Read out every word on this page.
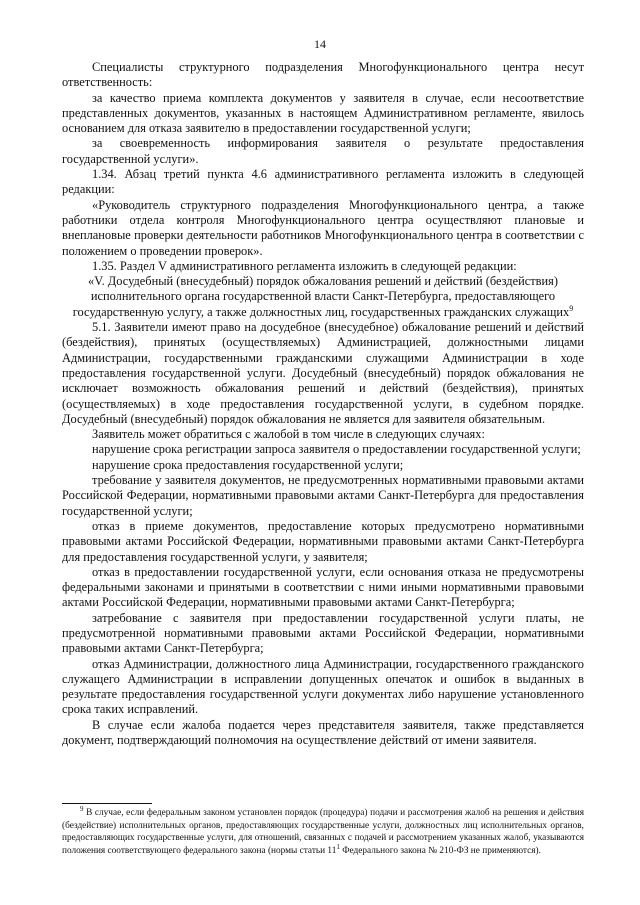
14

Специалисты структурного подразделения Многофункционального центра несут ответственность:

за качество приема комплекта документов у заявителя в случае, если несоответствие представленных документов, указанных в настоящем Административном регламенте, явилось основанием для отказа заявителю в предоставлении государственной услуги;

за своевременность информирования заявителя о результате предоставления государственной услуги».

1.34. Абзац третий пункта 4.6 административного регламента изложить в следующей редакции:

«Руководитель структурного подразделения Многофункционального центра, а также работники отдела контроля Многофункционального центра осуществляют плановые и внеплановые проверки деятельности работников Многофункционального центра в соответствии с положением о проведении проверок».

1.35. Раздел V административного регламента изложить в следующей редакции:

«V. Досудебный (внесудебный) порядок обжалования решений и действий (бездействия) исполнительного органа государственной власти Санкт-Петербурга, предоставляющего государственную услугу, а также должностных лиц, государственных гражданских служащих$^9$

5.1. Заявители имеют право на досудебное (внесудебное) обжалование решений и действий (бездействия), принятых (осуществляемых) Администрацией, должностными лицами Администрации, государственными гражданскими служащими Администрации в ходе предоставления государственной услуги. Досудебный (внесудебный) порядок обжалования не исключает возможность обжалования решений и действий (бездействия), принятых (осуществляемых) в ходе предоставления государственной услуги, в судебном порядке. Досудебный (внесудебный) порядок обжалования не является для заявителя обязательным.

Заявитель может обратиться с жалобой в том числе в следующих случаях:

нарушение срока регистрации запроса заявителя о предоставлении государственной услуги;

нарушение срока предоставления государственной услуги;

требование у заявителя документов, не предусмотренных нормативными правовыми актами Российской Федерации, нормативными правовыми актами Санкт-Петербурга для предоставления государственной услуги;

отказ в приеме документов, предоставление которых предусмотрено нормативными правовыми актами Российской Федерации, нормативными правовыми актами Санкт-Петербурга для предоставления государственной услуги, у заявителя;

отказ в предоставлении государственной услуги, если основания отказа не предусмотрены федеральными законами и принятыми в соответствии с ними иными нормативными правовыми актами Российской Федерации, нормативными правовыми актами Санкт-Петербурга;

затребование с заявителя при предоставлении государственной услуги платы, не предусмотренной нормативными правовыми актами Российской Федерации, нормативными правовыми актами Санкт-Петербурга;

отказ Администрации, должностного лица Администрации, государственного гражданского служащего Администрации в исправлении допущенных опечаток и ошибок в выданных в результате предоставления государственной услуги документах либо нарушение установленного срока таких исправлений.

В случае если жалоба подается через представителя заявителя, также представляется документ, подтверждающий полномочия на осуществление действий от имени заявителя.

$^9$ В случае, если федеральным законом установлен порядок (процедура) подачи и рассмотрения жалоб на решения и действия (бездействие) исполнительных органов, предоставляющих государственные услуги, должностных лиц исполнительных органов, предоставляющих государственные услуги, для отношений, связанных с подачей и рассмотрением указанных жалоб, указываются положения соответствующего федерального закона (нормы статьи $11^1$ Федерального закона № 210-ФЗ не применяются).
